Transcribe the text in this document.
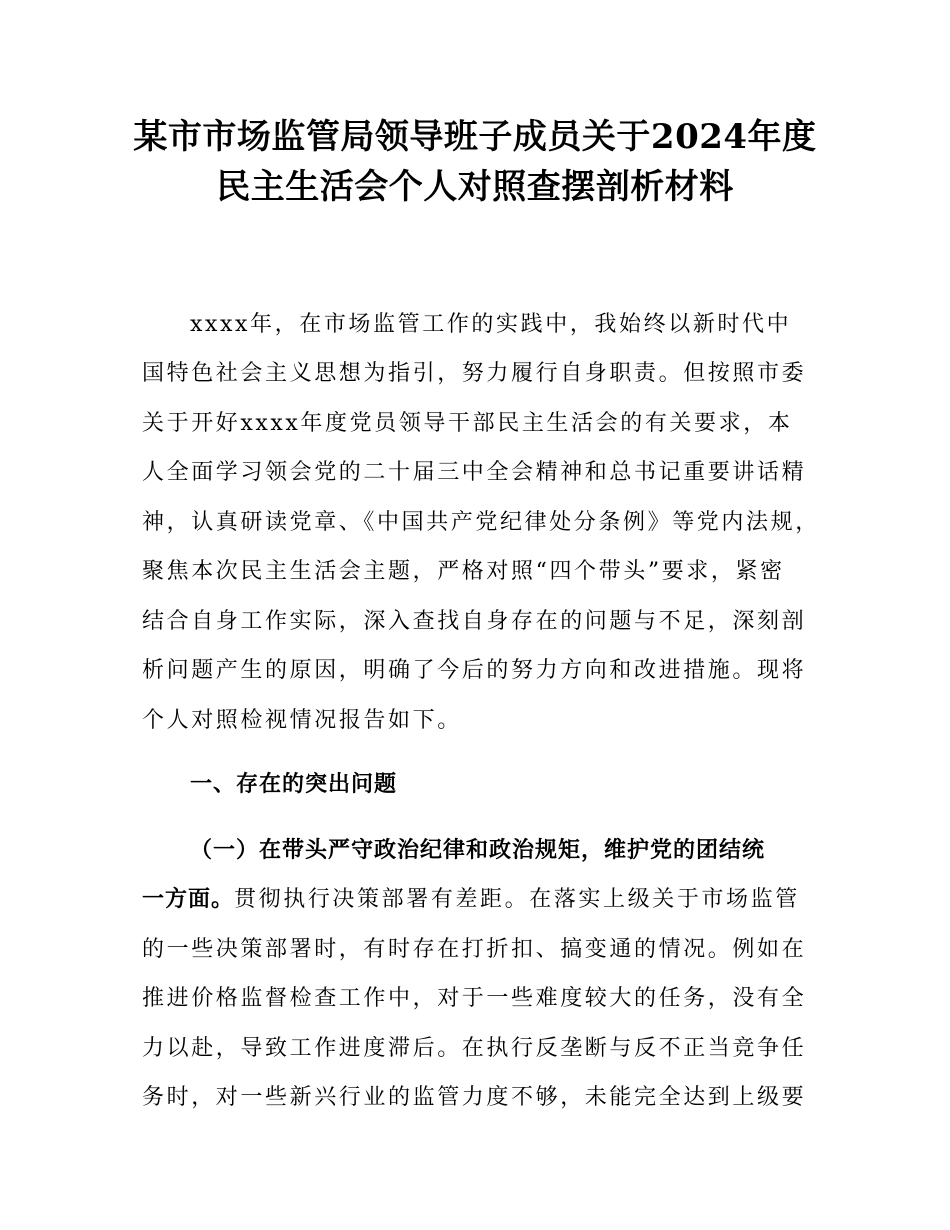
某市市场监管局领导班子成员关于2024年度
民主生活会个人对照查摆剖析材料
xxxx年，在市场监管工作的实践中，我始终以新时代中
国特色社会主义思想为指引，努力履行自身职责。但按照市委
关于开好xxxx年度党员领导干部民主生活会的有关要求，本
人全面学习领会党的二十届三中全会精神和总书记重要讲话精
神，认真研读党章、《中国共产党纪律处分条例》等党内法规，
聚焦本次民主生活会主题，严格对照“四个带头”要求，紧密
结合自身工作实际，深入查找自身存在的问题与不足，深刻剖
析问题产生的原因，明确了今后的努力方向和改进措施。现将
个人对照检视情况报告如下。
一、存在的突出问题
（一）在带头严守政治纪律和政治规矩，维护党的团结统
一方面。贯彻执行决策部署有差距。在落实上级关于市场监管
的一些决策部署时，有时存在打折扣、搞变通的情况。例如在
推进价格监督检查工作中，对于一些难度较大的任务，没有全
力以赴，导致工作进度滞后。在执行反垄断与反不正当竞争任
务时，对一些新兴行业的监管力度不够，未能完全达到上级要
